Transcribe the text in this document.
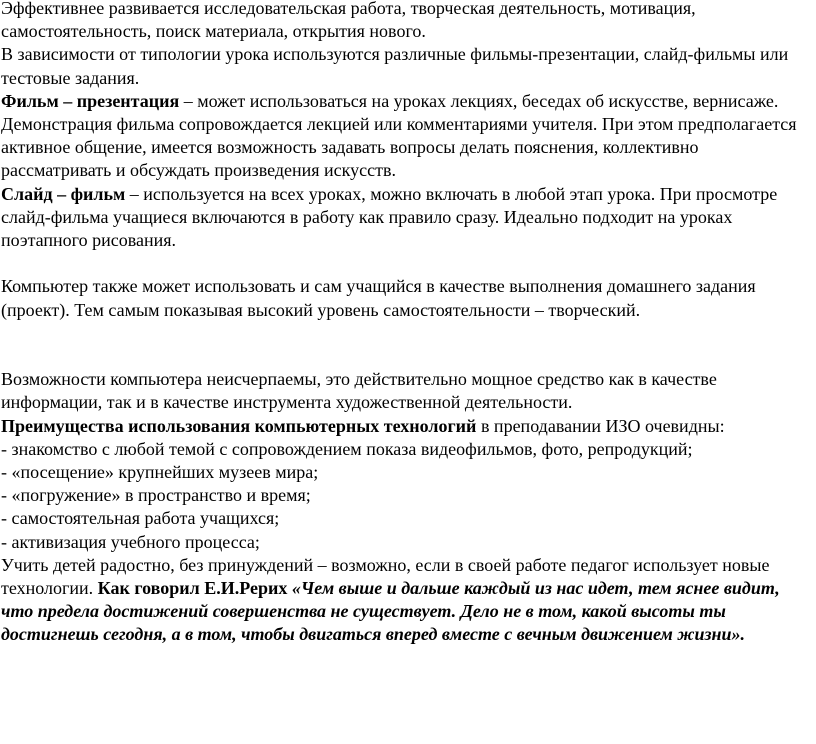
Эффективнее развивается исследовательская работа, творческая деятельность, мотивация, самостоятельность, поиск материала, открытия нового.

В зависимости от типологии урока используются различные фильмы-презентации, слайд-фильмы или тестовые задания.

Фильм – презентация – может использоваться на уроках лекциях, беседах об искусстве, вернисаже. Демонстрация фильма сопровождается лекцией или комментариями учителя. При этом предполагается активное общение, имеется возможность задавать вопросы делать пояснения, коллективно рассматривать и обсуждать произведения искусств.

Слайд – фильм – используется на всех уроках, можно включать в любой этап урока. При просмотре слайд-фильма учащиеся включаются в работу как правило сразу. Идеально подходит на уроках поэтапного рисования.

Компьютер также может использовать и сам учащийся в качестве выполнения домашнего задания (проект). Тем самым показывая высокий уровень самостоятельности – творческий.

Возможности компьютера неисчерпаемы, это действительно мощное средство как в качестве информации, так и в качестве инструмента художественной деятельности.

Преимущества использования компьютерных технологий в преподавании ИЗО очевидны:

- знакомство с любой темой с сопровождением показа видеофильмов, фото, репродукций;

- «посещение» крупнейших музеев мира;

- «погружение» в пространство и время;

- самостоятельная работа учащихся;

- активизация учебного процесса;

Учить детей радостно, без принуждений – возможно, если в своей работе педагог использует новые технологии. Как говорил Е.И.Рерих «Чем выше и дальше каждый из нас идет, тем яснее видит, что предела достижений совершенства не существует. Дело не в том, какой высоты ты достигнешь сегодня, а в том, чтобы двигаться вперед вместе с вечным движением жизни».
